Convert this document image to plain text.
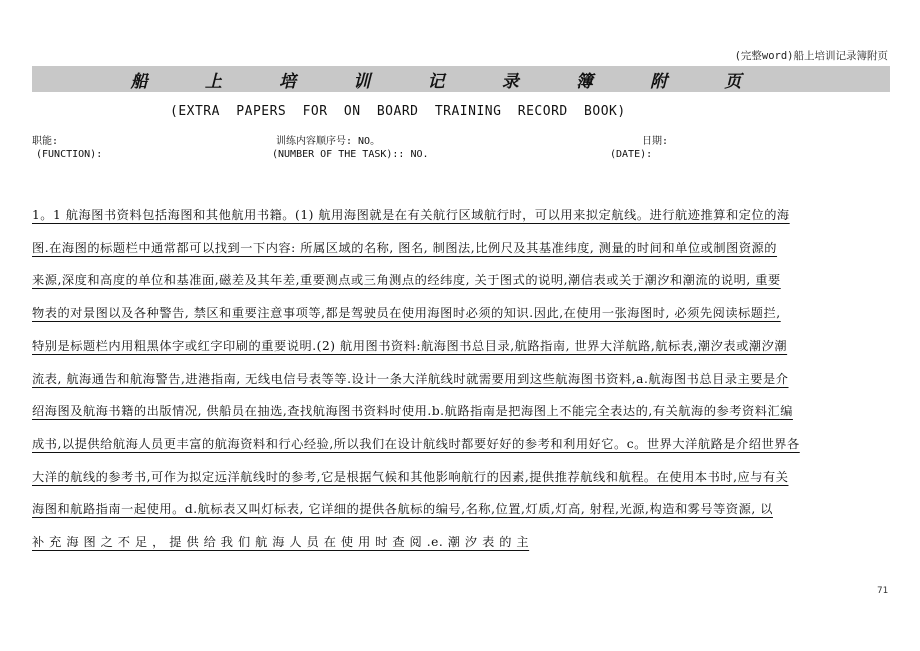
(完整word)船上培训记录簿附页
船	上	培	训	记	录	簿	附	页
(EXTRA PAPERS FOR ON BOARD TRAINING RECORD BOOK)
职能:	训练内容顺序号: NO。	日期:
(FUNCTION):	(NUMBER OF THE TASK):: NO.	(DATE):
1。1 航海图书资料包括海图和其他航用书籍。(1) 航用海图就是在有关航行区域航行时，可以用来拟定航线。进行航迹推算和定位的海
图.在海图的标题栏中通常都可以找到一下内容: 所属区域的名称, 图名, 制图法,比例尺及其基准纬度, 测量的时间和单位或制图资源的
来源,深度和高度的单位和基准面,磁差及其年差,重要测点或三角测点的经纬度, 关于图式的说明,潮信表或关于潮汐和潮流的说明, 重要
物表的对景图以及各种警告, 禁区和重要注意事项等,都是驾驶员在使用海图时必须的知识.因此,在使用一张海图时, 必须先阅读标题拦,
特别是标题栏内用粗黑体字或红字印刷的重要说明.(2) 航用图书资料:航海图书总目录,航路指南, 世界大洋航路,航标表,潮汐表或潮汐潮
流表, 航海通告和航海警告,进港指南, 无线电信号表等等.设计一条大洋航线时就需要用到这些航海图书资料,a.航海图书总目录主要是介
绍海图及航海书籍的出版情况, 供船员在抽选,查找航海图书资料时使用.b.航路指南是把海图上不能完全表达的,有关航海的参考资料汇编
成书,以提供给航海人员更丰富的航海资料和行心经验,所以我们在设计航线时都要好好的参考和利用好它。c。世界大洋航路是介绍世界各
大洋的航线的参考书,可作为拟定远洋航线时的参考,它是根据气候和其他影响航行的因素,提供推荐航线和航程。在使用本书时,应与有关
海图和航路指南一起使用。d.航标表又叫灯标表, 它详细的提供各航标的编号,名称,位置,灯质,灯高, 射程,光源,构造和雾号等资源, 以
补 充 海 图 之 不 足 ， 提 供 给 我 们 航 海 人 员 在 使 用 时 查 阅 .e. 潮 汐 表 的 主
71
